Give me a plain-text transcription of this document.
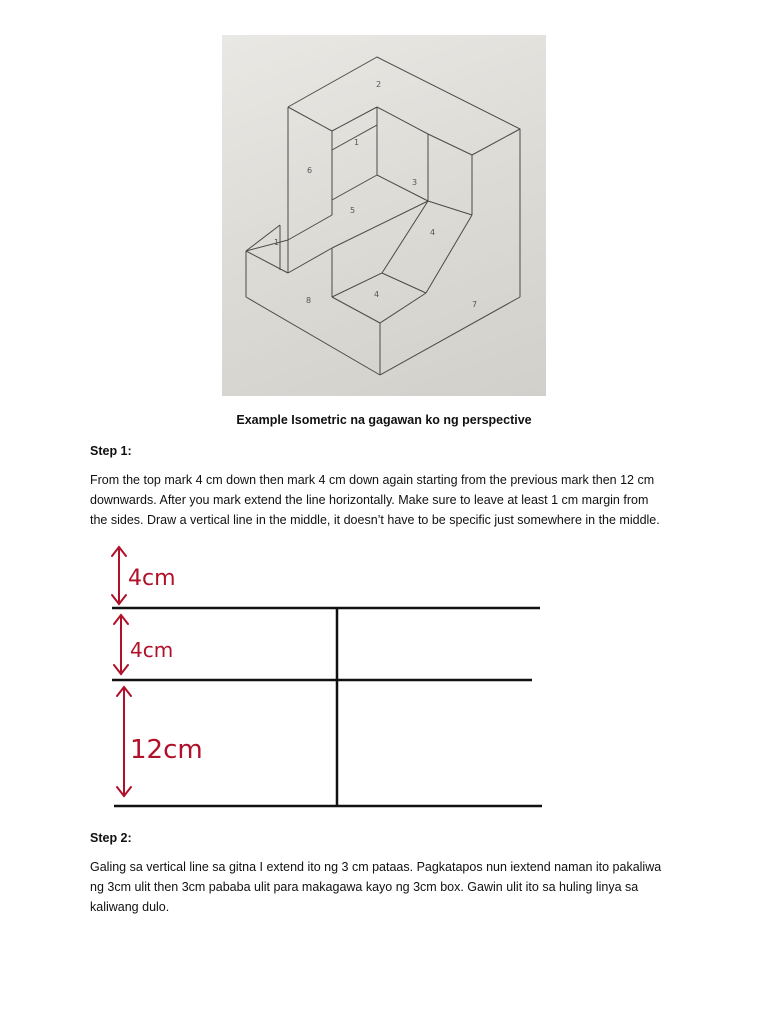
2
1
3
6
5
4
1
8
4
7
Example Isometric na gagawan ko ng perspective
Step 1:
From the top mark 4 cm down then mark 4 cm down again starting from the previous mark then 12 cm
downwards. After you mark extend the line horizontally. Make sure to leave at least 1 cm margin from
the sides. Draw a vertical line in the middle, it doesn’t have to be specific just somewhere in the middle.
4cm
4cm
12cm
Step 2:
Galing sa vertical line sa gitna I extend ito ng 3 cm pataas. Pagkatapos nun iextend naman ito pakaliwa
ng 3cm ulit then 3cm pababa ulit para makagawa kayo ng 3cm box. Gawin ulit ito sa huling linya sa
kaliwang dulo.
